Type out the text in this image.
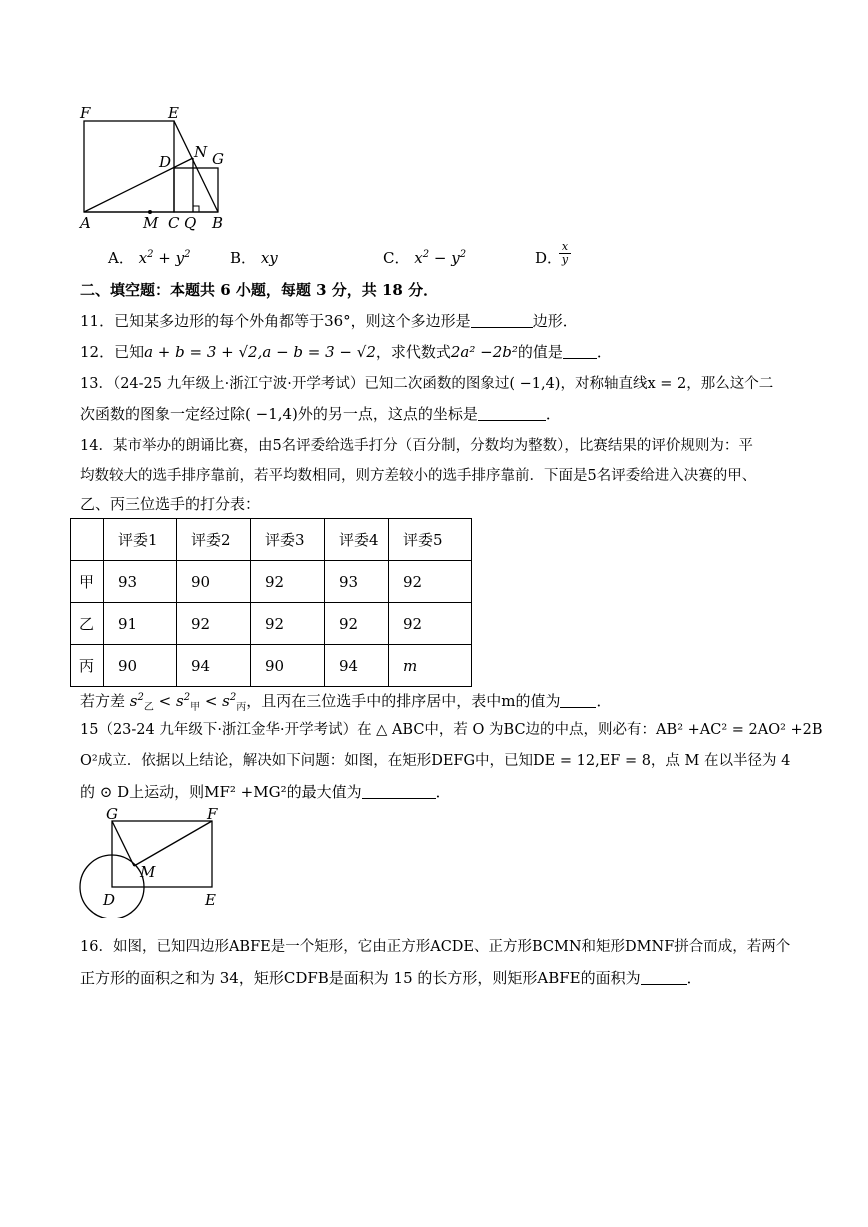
F	E
D
N G
A	M C Q B
A． $x^2 + y^2$	B． xy	C． $x^2 - y^2$	D．
$\frac{x}{y}$
二、填空题：本题共 6 小题，每题 3 分，共 18 分．
11．已知某多边形的每个外角都等于36°，则这个多边形是	边形．
12．已知a + b = 3 + √2,a − b = 3 − √2，求代数式2a² −2b²的值是 ．
13．（24-25 九年级上·浙江宁波·开学考试）已知二次函数的图象过( −1,4)，对称轴直线x = 2，那么这个二
次函数的图象一定经过除( −1,4)外的另一点，这点的坐标是	．
14．某市举办的朗诵比赛，由5名评委给选手打分（百分制，分数均为整数），比赛结果的评价规则为：平
均数较大的选手排序靠前，若平均数相同，则方差较小的选手排序靠前．下面是5名评委给进入决赛的甲、
乙、丙三位选手的打分表：
	评委1	评委2	评委3	评委4	评委5
甲	93	90	92	93	92
乙	91	92	92	92	92
丙	90	94	90	94	m
若方差 $s^2_乙 < s^2_甲 < s^2_丙$，且丙在三位选手中的排序居中，表中m的值为 ．
15（23-24 九年级下·浙江金华·开学考试）在 △ ABC中，若 O 为BC边的中点，则必有：AB² +AC² = 2AO² +2B
O²成立．依据以上结论，解决如下问题：如图，在矩形DEFG中，已知DE = 12,EF = 8，点 M 在以半径为 4
的 ⊙ D上运动，则MF² +MG²的最大值为	．
G	F
M
D	E
16．如图，已知四边形ABFE是一个矩形，它由正方形ACDE、正方形BCMN和矩形DMNF拼合而成，若两个
正方形的面积之和为 34，矩形CDFB是面积为 15 的长方形，则矩形ABFE的面积为	．
